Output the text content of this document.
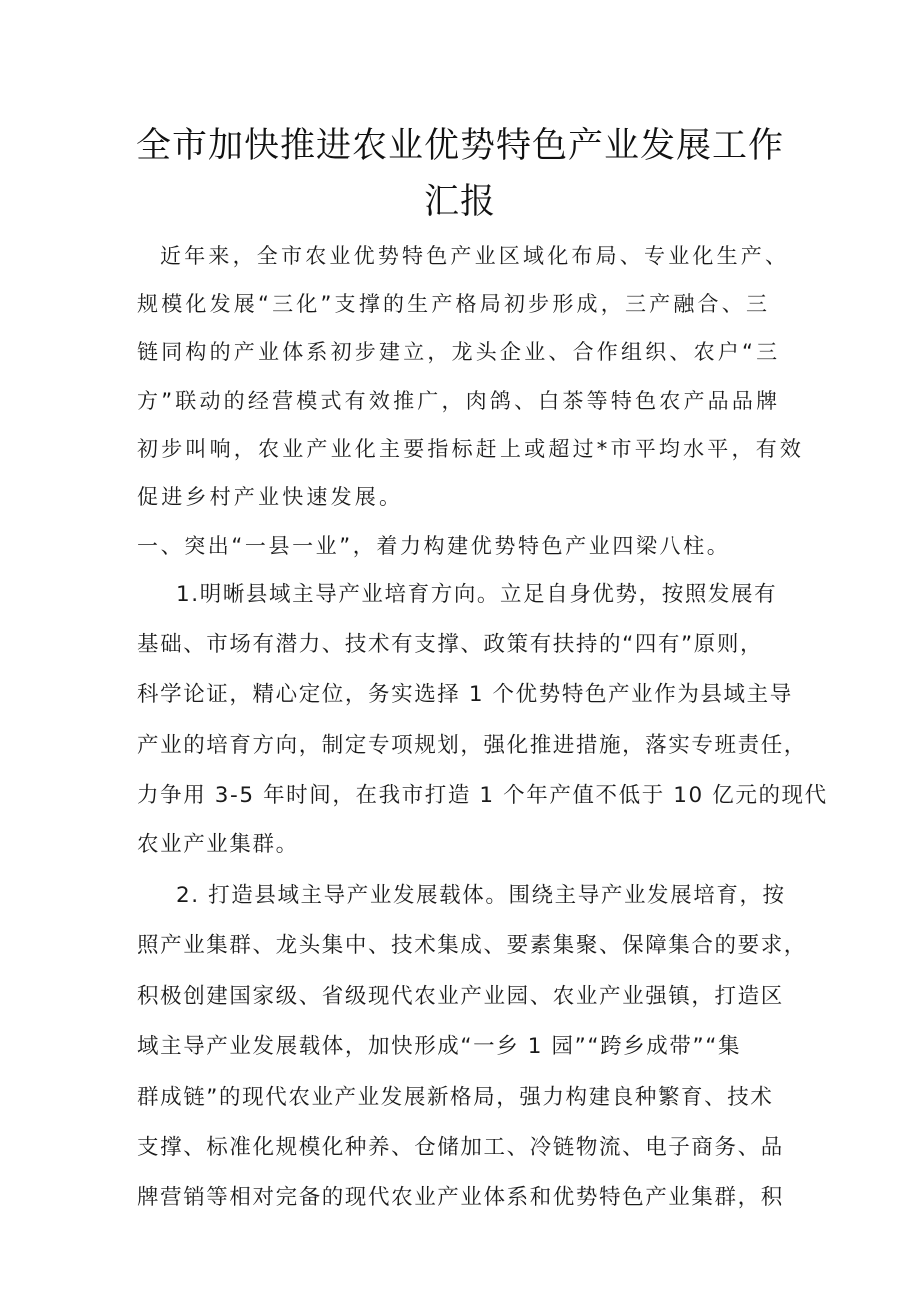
全市加快推进农业优势特色产业发展工作
汇报
近年来，全市农业优势特色产业区域化布局、专业化生产、
规模化发展“三化”支撑的生产格局初步形成，三产融合、三
链同构的产业体系初步建立，龙头企业、合作组织、农户“三
方”联动的经营模式有效推广，肉鸽、白茶等特色农产品品牌
初步叫响，农业产业化主要指标赶上或超过*市平均水平，有效
促进乡村产业快速发展。
一、突出“一县一业”，着力构建优势特色产业四梁八柱。
1.明晰县域主导产业培育方向。立足自身优势，按照发展有
基础、市场有潜力、技术有支撑、政策有扶持的“四有”原则，
科学论证，精心定位，务实选择 1 个优势特色产业作为县域主导
产业的培育方向，制定专项规划，强化推进措施，落实专班责任，
力争用 3-5 年时间，在我市打造 1 个年产值不低于 10 亿元的现代
农业产业集群。
2. 打造县域主导产业发展载体。围绕主导产业发展培育，按
照产业集群、龙头集中、技术集成、要素集聚、保障集合的要求，
积极创建国家级、省级现代农业产业园、农业产业强镇，打造区
域主导产业发展载体，加快形成“一乡 1 园”“跨乡成带”“集
群成链”的现代农业产业发展新格局，强力构建良种繁育、技术
支撑、标准化规模化种养、仓储加工、冷链物流、电子商务、品
牌营销等相对完备的现代农业产业体系和优势特色产业集群，积
